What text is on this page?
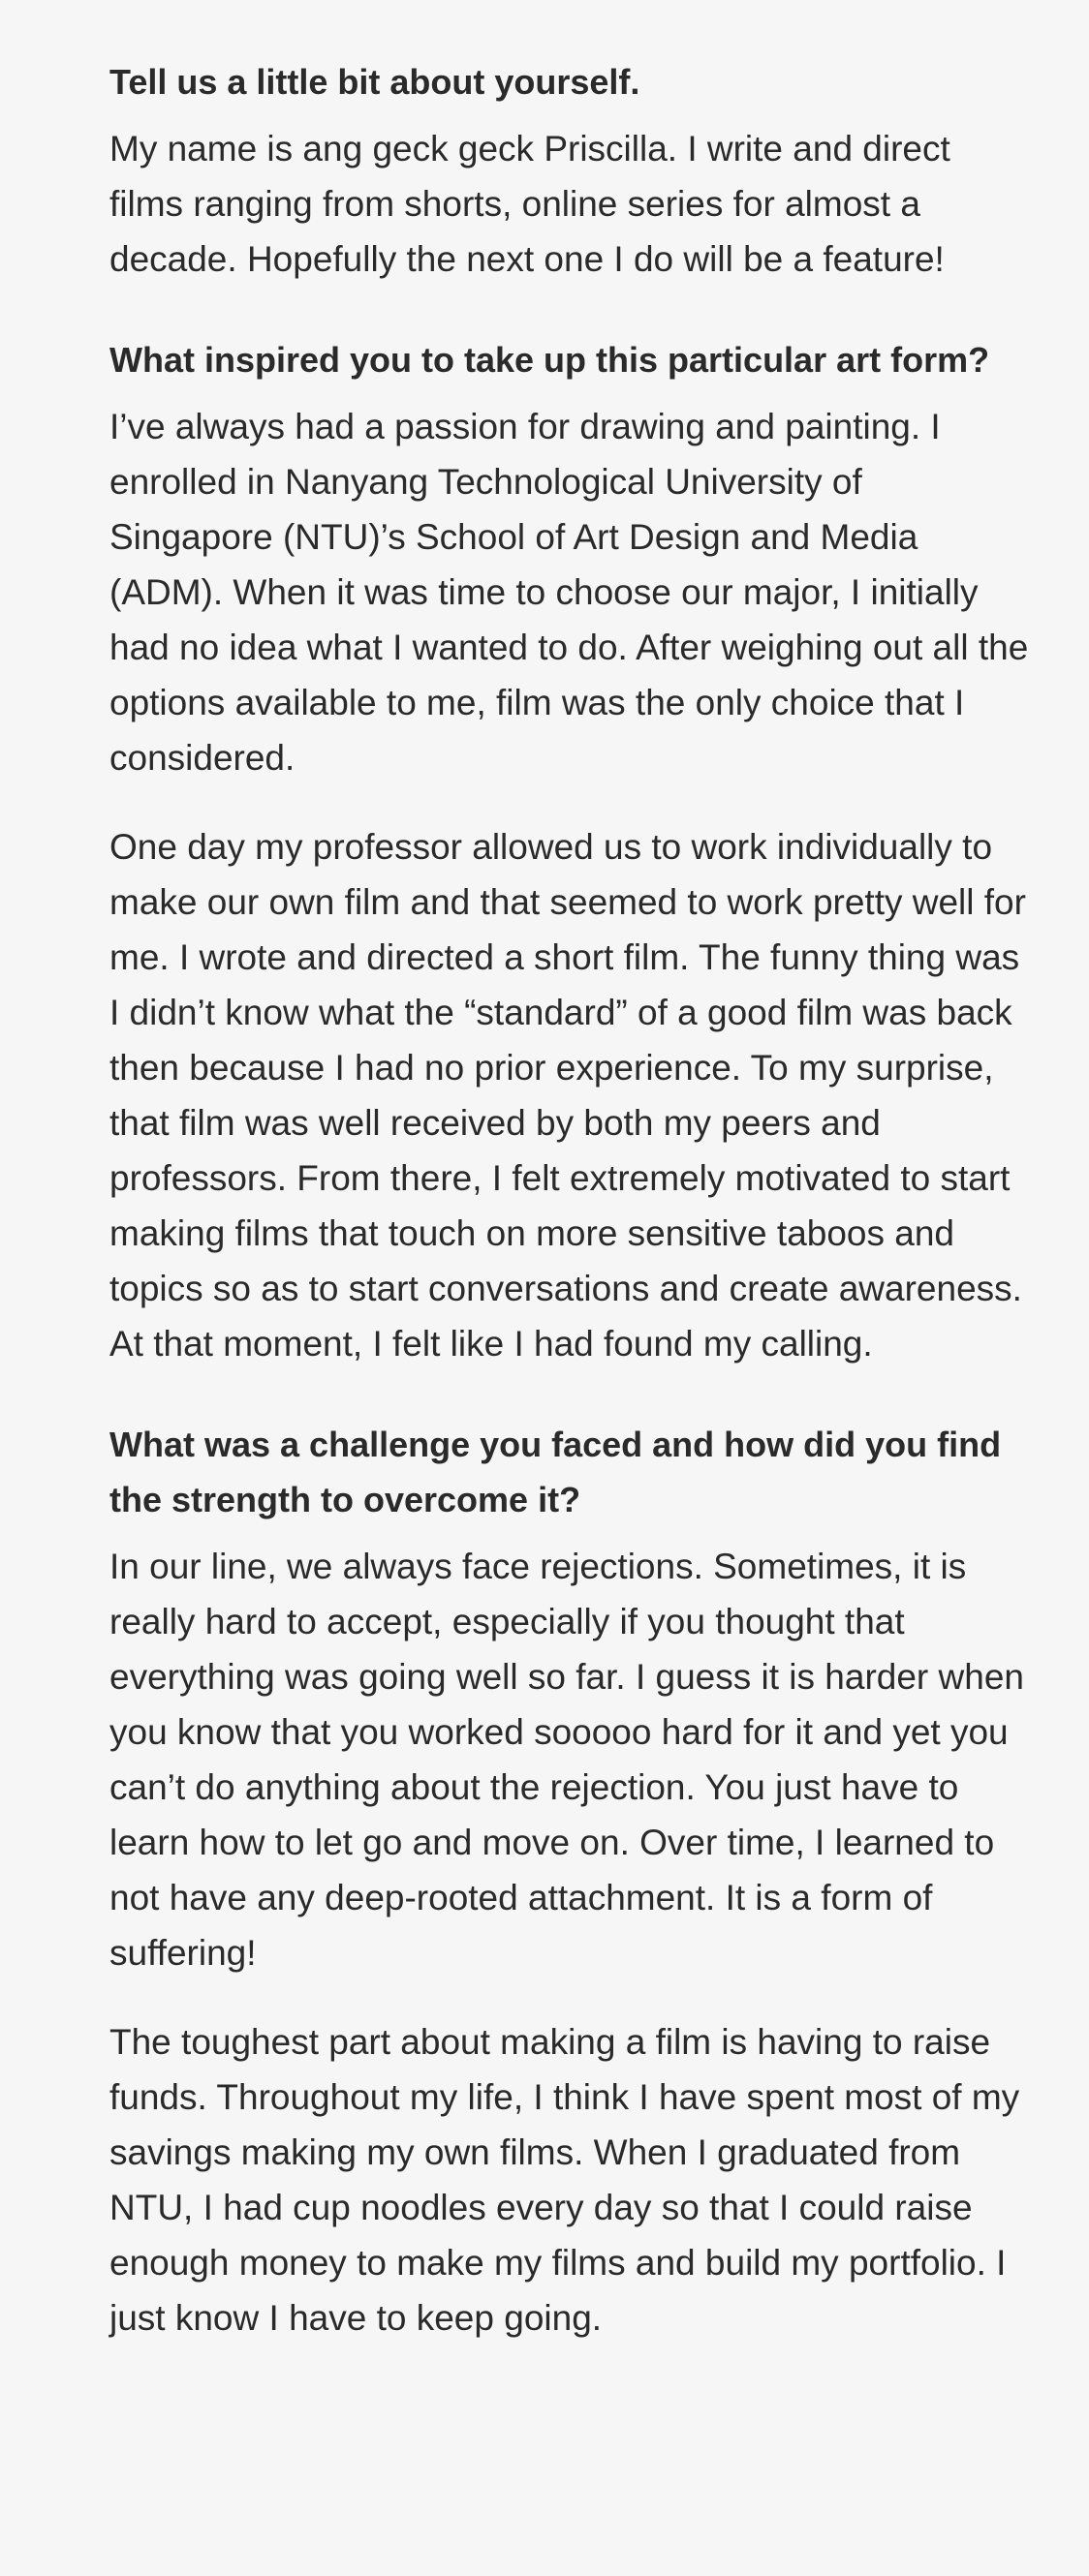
Tell us a little bit about yourself.

My name is ang geck geck Priscilla. I write and direct films ranging from shorts, online series for almost a decade. Hopefully the next one I do will be a feature!

What inspired you to take up this particular art form?

I’ve always had a passion for drawing and painting. I enrolled in Nanyang Technological University of Singapore (NTU)’s School of Art Design and Media (ADM). When it was time to choose our major, I initially had no idea what I wanted to do. After weighing out all the options available to me, film was the only choice that I considered.

One day my professor allowed us to work individually to make our own film and that seemed to work pretty well for me. I wrote and directed a short film. The funny thing was I didn’t know what the “standard” of a good film was back then because I had no prior experience. To my surprise, that film was well received by both my peers and professors. From there, I felt extremely motivated to start making films that touch on more sensitive taboos and topics so as to start conversations and create awareness. At that moment, I felt like I had found my calling.

What was a challenge you faced and how did you find the strength to overcome it?

In our line, we always face rejections. Sometimes, it is really hard to accept, especially if you thought that everything was going well so far. I guess it is harder when you know that you worked sooooo hard for it and yet you can’t do anything about the rejection. You just have to learn how to let go and move on. Over time, I learned to not have any deep-rooted attachment. It is a form of suffering!

The toughest part about making a film is having to raise funds. Throughout my life, I think I have spent most of my savings making my own films. When I graduated from NTU, I had cup noodles every day so that I could raise enough money to make my films and build my portfolio. I just know I have to keep going.
